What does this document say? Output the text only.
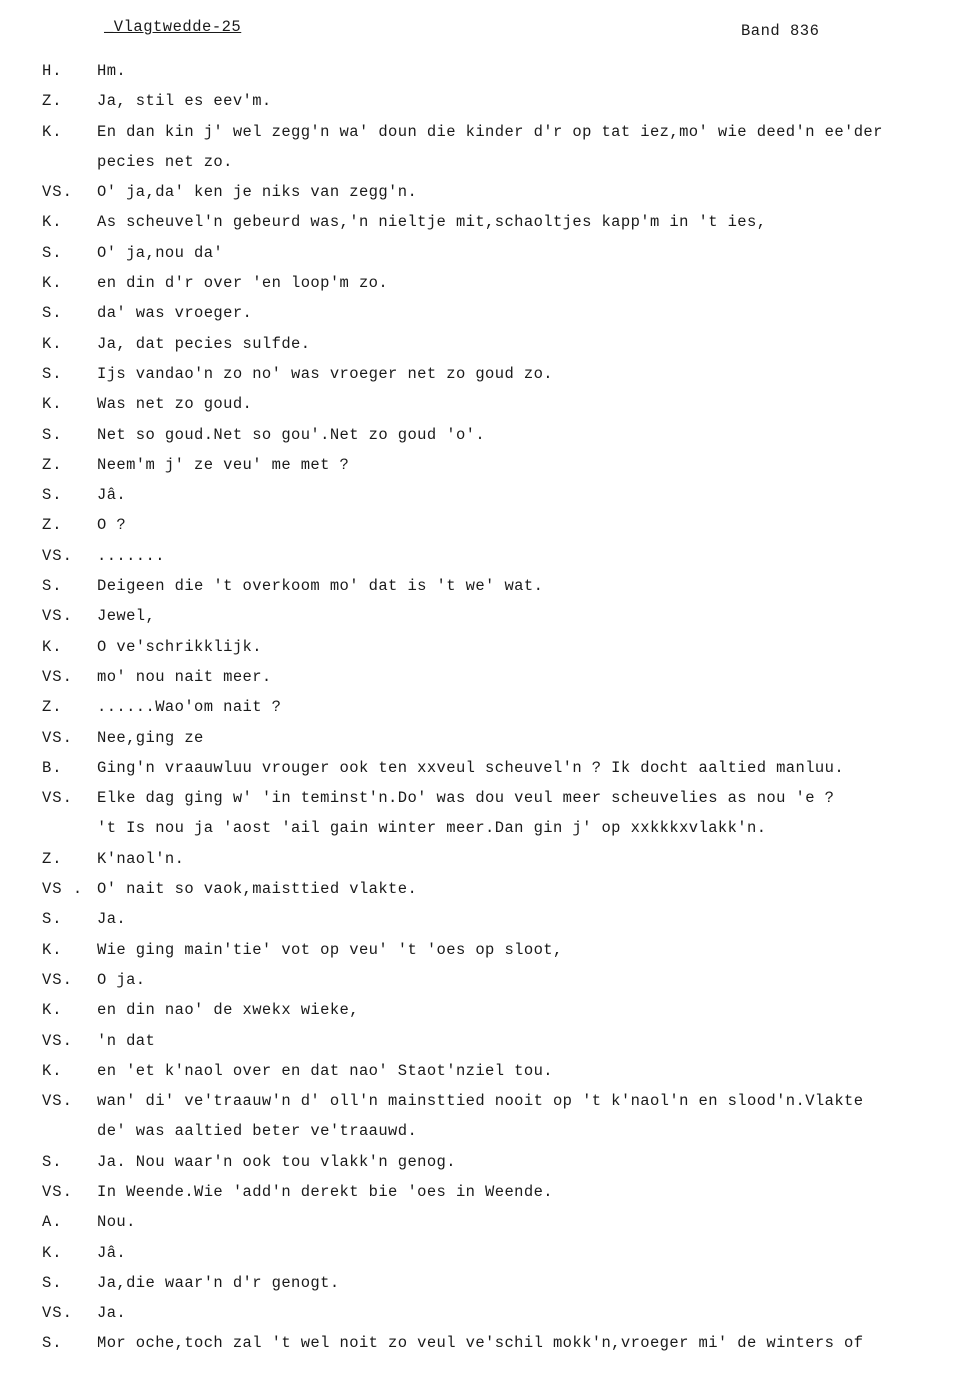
_Vlagtwedde-25	Band 836
H.	Hm.
Z.	Ja, stil es eev'm.
K.	En dan kin j' wel zegg'n wa' doun die kinder d'r op tat iez,mo' wie deed'n ee'der
pecies net zo.
VS.	O' ja,da' ken je niks van zegg'n.
K.	As scheuvel'n gebeurd was,'n nieltje mit,schaoltjes kapp'm in 't ies,
S.	O' ja,nou da'
K.	en din d'r over 'en loop'm zo.
S.	da' was vroeger.
K.	Ja, dat pecies sulfde.
S.	Ijs vandao'n zo no' was vroeger net zo goud zo.
K.	Was net zo goud.
S.	Net so goud.Net so gou'.Net zo goud 'o'.
Z.	Neem'm j' ze veu' me met ?
S.	Jâ.
Z.	O ?
VS.	.......
S.	Deigeen die 't overkoom mo' dat is 't we' wat.
VS.	Jewel,
K.	O ve'schrikklijk.
VS.	mo' nou nait meer.
Z.	......Wao'om nait ?
VS.	Nee,ging ze
B.	Ging'n vraauwluu vrouger ook ten xxveul scheuvel'n ? Ik docht aaltied manluu.
VS.	Elke dag ging w' 'in teminst'n.Do' was dou veul meer scheuvelies as nou 'e ?
't Is nou ja 'aost 'ail gain winter meer.Dan gin j' op xxkkkxvlakk'n.
Z.	K'naol'n.
VS . O' nait so vaok,maisttied vlakte.
S.	Ja.
K.	Wie ging main'tie' vot op veu' 't 'oes op sloot,
VS.	O ja.
K.	en din nao' de xwekx wieke,
VS.	'n dat
K.	en 'et k'naol over en dat nao' Staot'nziel tou.
VS.	wan' di' ve'traauw'n d' oll'n mainsttied nooit op 't k'naol'n en slood'n.Vlakte
de' was aaltied beter ve'traauwd.
S.	Ja. Nou waar'n ook tou vlakk'n genog.
VS.	In Weende.Wie 'add'n derekt bie 'oes in Weende.
A.	Nou.
K.	Jâ.
S.	Ja,die waar'n d'r genogt.
VS.	Ja.
S.	Mor oche,toch zal 't wel noit zo veul ve'schil mokk'n,vroeger mi' de winters of
